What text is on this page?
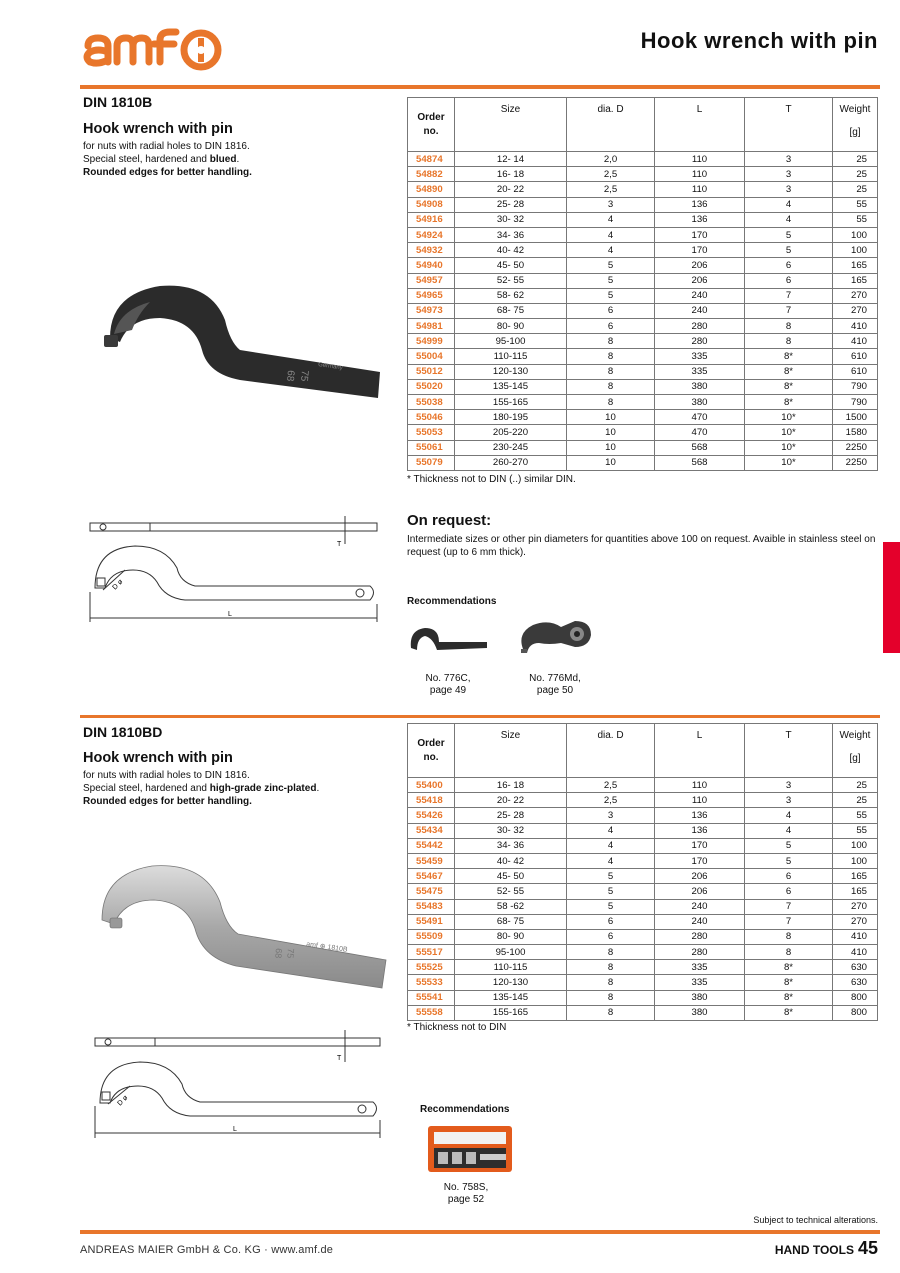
Hook wrench with pin
DIN 1810B
Hook wrench with pin
for nuts with radial holes to DIN 1816.
Special steel, hardened and blued.
Rounded edges for better handling.
68 75
Germany
L
T
D ø
Order
no.	Size	dia. D	L	T	Weight
[g]

54874	12- 14	2,0	110	3	25
54882	16- 18	2,5	110	3	25
54890	20- 22	2,5	110	3	25
54908	25- 28	3	136	4	55
54916	30- 32	4	136	4	55
54924	34- 36	4	170	5	100
54932	40- 42	4	170	5	100
54940	45- 50	5	206	6	165
54957	52- 55	5	206	6	165
54965	58- 62	5	240	7	270
54973	68- 75	6	240	7	270
54981	80- 90	6	280	8	410
54999	95-100	8	280	8	410
55004	110-115	8	335	8*	610
55012	120-130	8	335	8*	610
55020	135-145	8	380	8*	790
55038	155-165	8	380	8*	790
55046	180-195	10	470	10*	1500
55053	205-220	10	470	10*	1580
55061	230-245	10	568	10*	2250
55079	260-270	10	568	10*	2250
* Thickness not to DIN (..) similar DIN.
On request:
Intermediate sizes or other pin diameters for quantities above 100 on request. Avaible in stainless steel on request (up to 6 mm thick).
Recommendations
No. 776C,
page 49
No. 776Md,
page 50
DIN 1810BD
Hook wrench with pin
for nuts with radial holes to DIN 1816.
Special steel, hardened and high-grade zinc-plated.
Rounded edges for better handling.
68 75 amf ⊕ 1810B
L
T
D ø
Order
no.	Size	dia. D	L	T	Weight
[g]

55400	16- 18	2,5	110	3	25
55418	20- 22	2,5	110	3	25
55426	25- 28	3	136	4	55
55434	30- 32	4	136	4	55
55442	34- 36	4	170	5	100
55459	40- 42	4	170	5	100
55467	45- 50	5	206	6	165
55475	52- 55	5	206	6	165
55483	58 -62	5	240	7	270
55491	68- 75	6	240	7	270
55509	80- 90	6	280	8	410
55517	95-100	8	280	8	410
55525	110-115	8	335	8*	630
55533	120-130	8	335	8*	630
55541	135-145	8	380	8*	800
55558	155-165	8	380	8*	800
* Thickness not to DIN
Recommendations
No. 758S,
page 52
Subject to technical alterations.
ANDREAS MAIER GmbH & Co. KG · www.amf.de	HAND TOOLS 45
